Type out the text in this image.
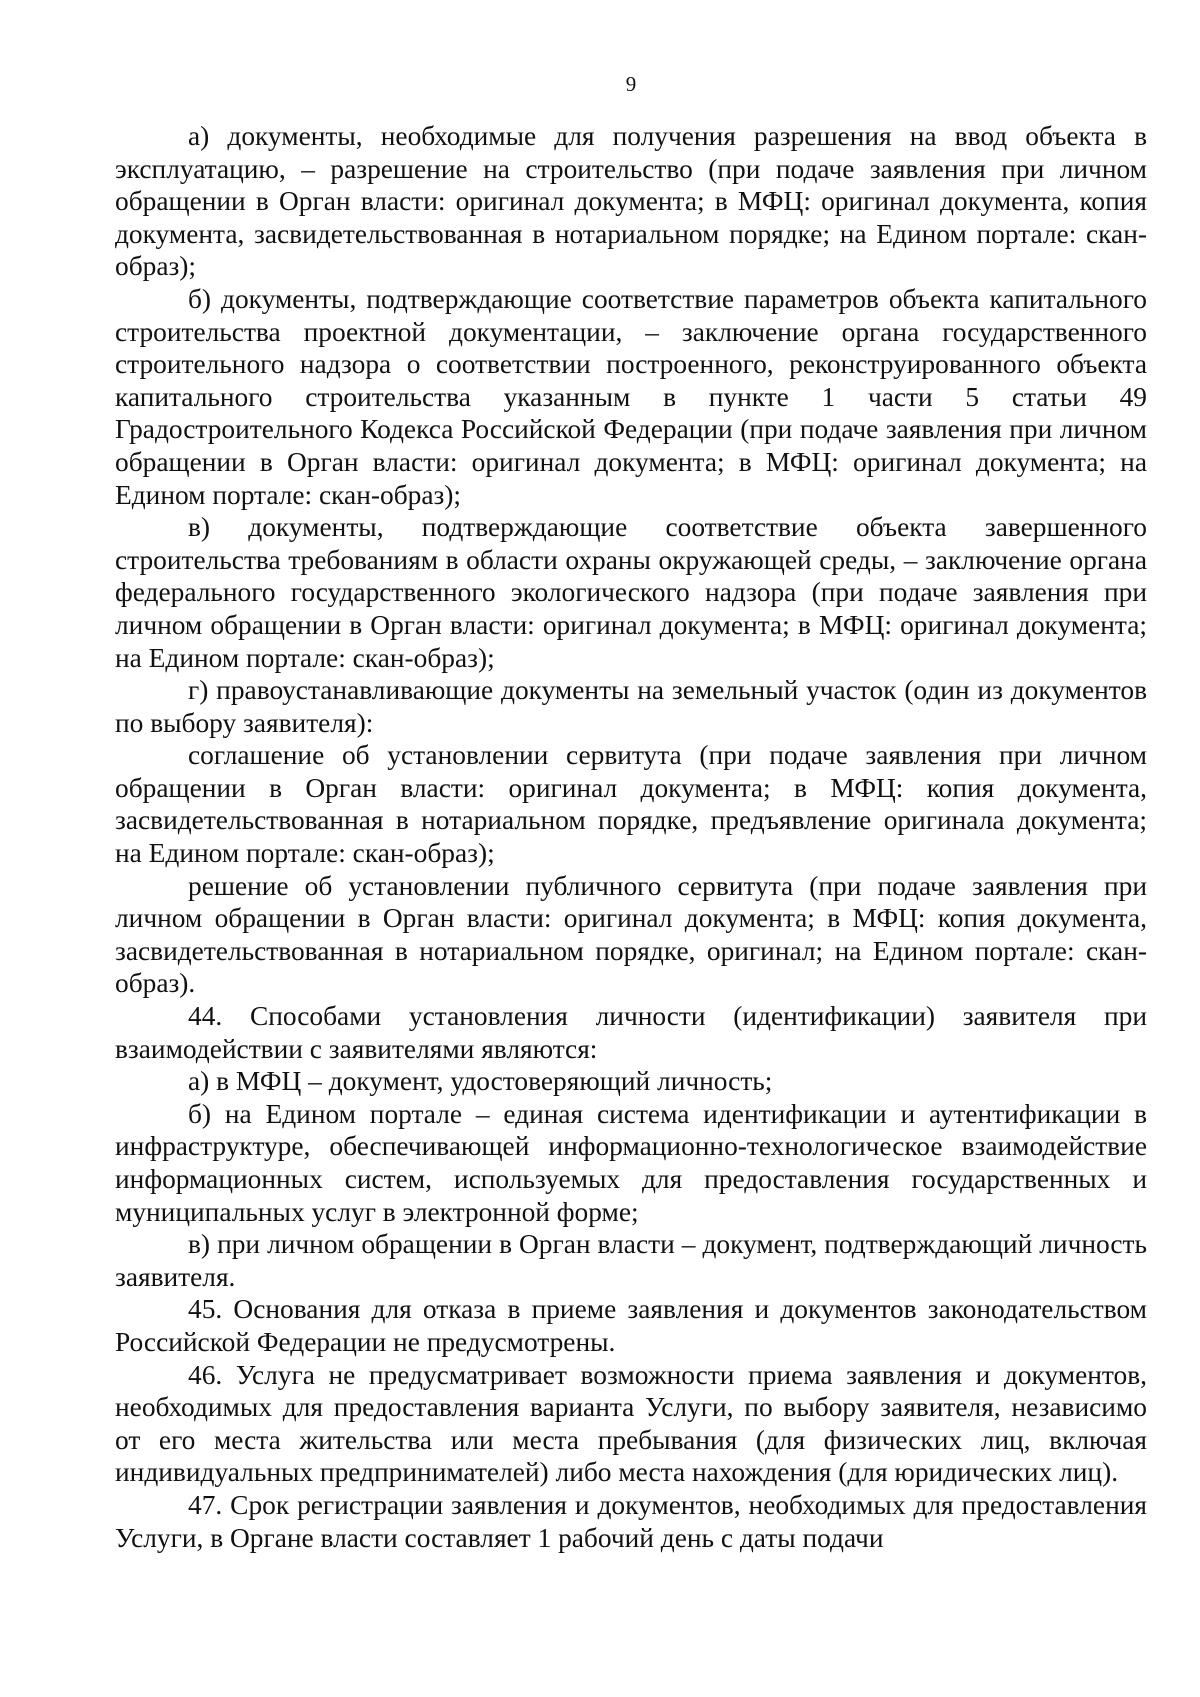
9

а) документы, необходимые для получения разрешения на ввод объекта в эксплуатацию, – разрешение на строительство (при подаче заявления при личном обращении в Орган власти: оригинал документа; в МФЦ: оригинал документа, копия документа, засвидетельствованная в нотариальном порядке; на Едином портале: скан-образ);

б) документы, подтверждающие соответствие параметров объекта капитального строительства проектной документации, – заключение органа государственного строительного надзора о соответствии построенного, реконструированного объекта капитального строительства указанным в пункте 1 части 5 статьи 49 Градостроительного Кодекса Российской Федерации (при подаче заявления при личном обращении в Орган власти: оригинал документа; в МФЦ: оригинал документа; на Едином портале: скан-образ);

в) документы, подтверждающие соответствие объекта завершенного строительства требованиям в области охраны окружающей среды, – заключение органа федерального государственного экологического надзора (при подаче заявления при личном обращении в Орган власти: оригинал документа; в МФЦ: оригинал документа; на Едином портале: скан-образ);

г) правоустанавливающие документы на земельный участок (один из документов по выбору заявителя):

соглашение об установлении сервитута (при подаче заявления при личном обращении в Орган власти: оригинал документа; в МФЦ: копия документа, засвидетельствованная в нотариальном порядке, предъявление оригинала документа; на Едином портале: скан-образ);

решение об установлении публичного сервитута (при подаче заявления при личном обращении в Орган власти: оригинал документа; в МФЦ: копия документа, засвидетельствованная в нотариальном порядке, оригинал; на Едином портале: скан-образ).

44. Способами установления личности (идентификации) заявителя при взаимодействии с заявителями являются:

а) в МФЦ – документ, удостоверяющий личность;

б) на Едином портале – единая система идентификации и аутентификации в инфраструктуре, обеспечивающей информационно-технологическое взаимодействие информационных систем, используемых для предоставления государственных и муниципальных услуг в электронной форме;

в) при личном обращении в Орган власти – документ, подтверждающий личность заявителя.

45. Основания для отказа в приеме заявления и документов законодательством Российской Федерации не предусмотрены.

46. Услуга не предусматривает возможности приема заявления и документов, необходимых для предоставления варианта Услуги, по выбору заявителя, независимо от его места жительства или места пребывания (для физических лиц, включая индивидуальных предпринимателей) либо места нахождения (для юридических лиц).

47. Срок регистрации заявления и документов, необходимых для предоставления Услуги, в Органе власти составляет 1 рабочий день с даты подачи
